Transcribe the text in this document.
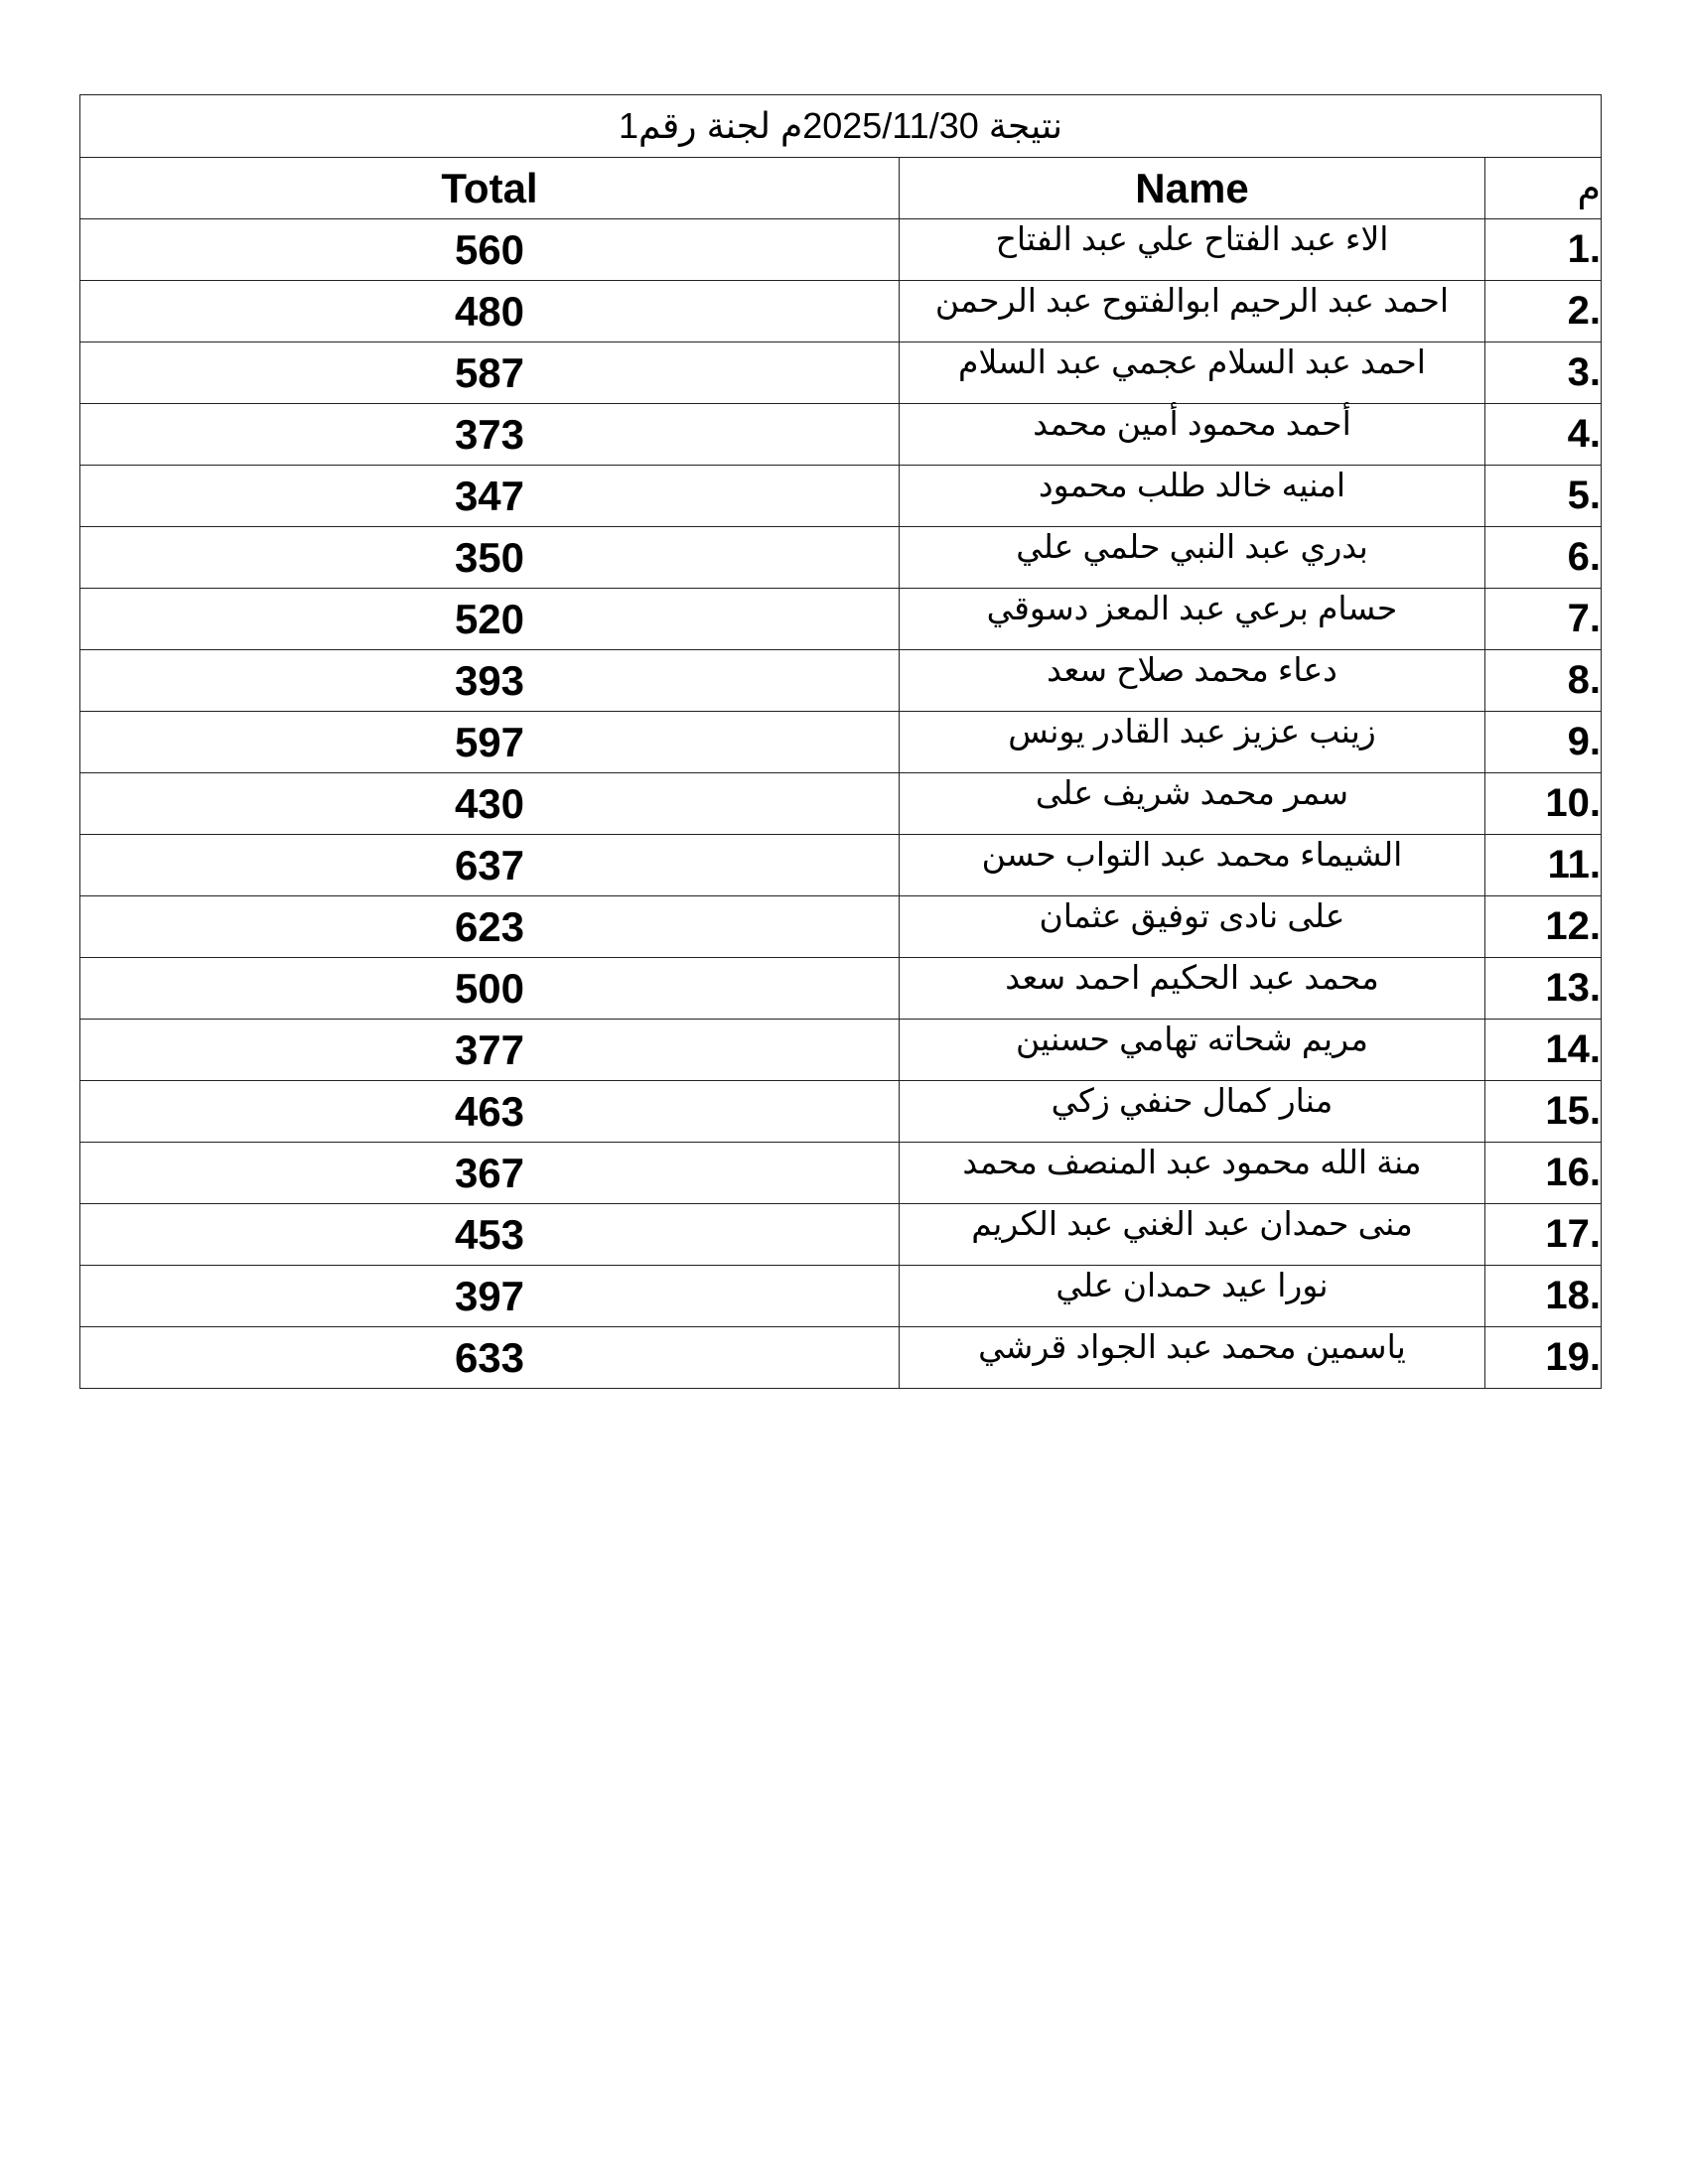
نتيجة 2025/11/30م لجنة رقم1		
Total	Name	م
560	الاء عبد الفتاح علي عبد الفتاح	1.
480	احمد عبد الرحيم ابوالفتوح عبد الرحمن	2.
587	احمد عبد السلام عجمي عبد السلام	3.
373	أحمد محمود أمين محمد	4.
347	امنيه خالد طلب محمود	5.
350	بدري عبد النبي حلمي علي	6.
520	حسام برعي عبد المعز دسوقي	7.
393	دعاء محمد صلاح سعد	8.
597	زينب عزيز عبد القادر يونس	9.
430	سمر محمد شريف على	10.
637	الشيماء محمد عبد التواب حسن	11.
623	على نادى توفيق عثمان	12.
500	محمد عبد الحكيم احمد سعد	13.
377	مريم شحاته تهامي حسنين	14.
463	منار كمال حنفي زكي	15.
367	منة الله محمود عبد المنصف محمد	16.
453	منى حمدان عبد الغني عبد الكريم	17.
397	نورا عيد حمدان علي	18.
633	ياسمين محمد عبد الجواد قرشي	19.
